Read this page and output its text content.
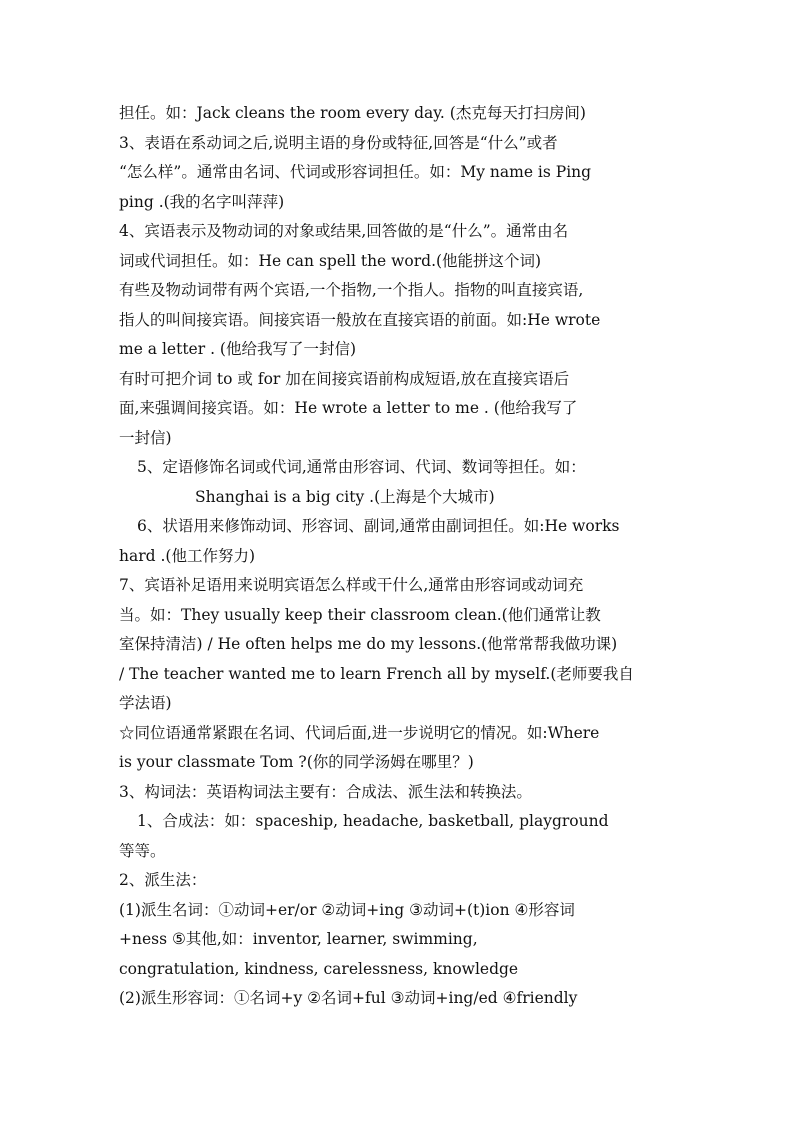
担任。如：Jack cleans the room every day. (杰克每天打扫房间)
3、表语在系动词之后,说明主语的身份或特征,回答是“什么”或者
“怎么样”。通常由名词、代词或形容词担任。如：My name is Ping
ping .(我的名字叫萍萍)
4、宾语表示及物动词的对象或结果,回答做的是“什么”。通常由名
词或代词担任。如：He can spell the word.(他能拼这个词)
有些及物动词带有两个宾语,一个指物,一个指人。指物的叫直接宾语,
指人的叫间接宾语。间接宾语一般放在直接宾语的前面。如:He wrote
me a letter . (他给我写了一封信)
有时可把介词 to 或 for 加在间接宾语前构成短语,放在直接宾语后
面,来强调间接宾语。如：He wrote a letter to me . (他给我写了
一封信)
5、定语修饰名词或代词,通常由形容词、代词、数词等担任。如：
Shanghai is a big city .(上海是个大城市)
6、状语用来修饰动词、形容词、副词,通常由副词担任。如:He works
hard .(他工作努力)
7、宾语补足语用来说明宾语怎么样或干什么,通常由形容词或动词充
当。如：They usually keep their classroom clean.(他们通常让教
室保持清洁) / He often helps me do my lessons.(他常常帮我做功课)
/ The teacher wanted me to learn French all by myself.(老师要我自
学法语)
☆同位语通常紧跟在名词、代词后面,进一步说明它的情况。如:Where
is your classmate Tom ?(你的同学汤姆在哪里？)
3、构词法：英语构词法主要有：合成法、派生法和转换法。
1、合成法：如：spaceship, headache, basketball, playground
等等。
2、派生法：
(1)派生名词：①动词+er/or ②动词+ing ③动词+(t)ion ④形容词
+ness ⑤其他,如：inventor, learner, swimming,
congratulation, kindness, carelessness, knowledge
(2)派生形容词：①名词+y ②名词+ful ③动词+ing/ed ④friendly
